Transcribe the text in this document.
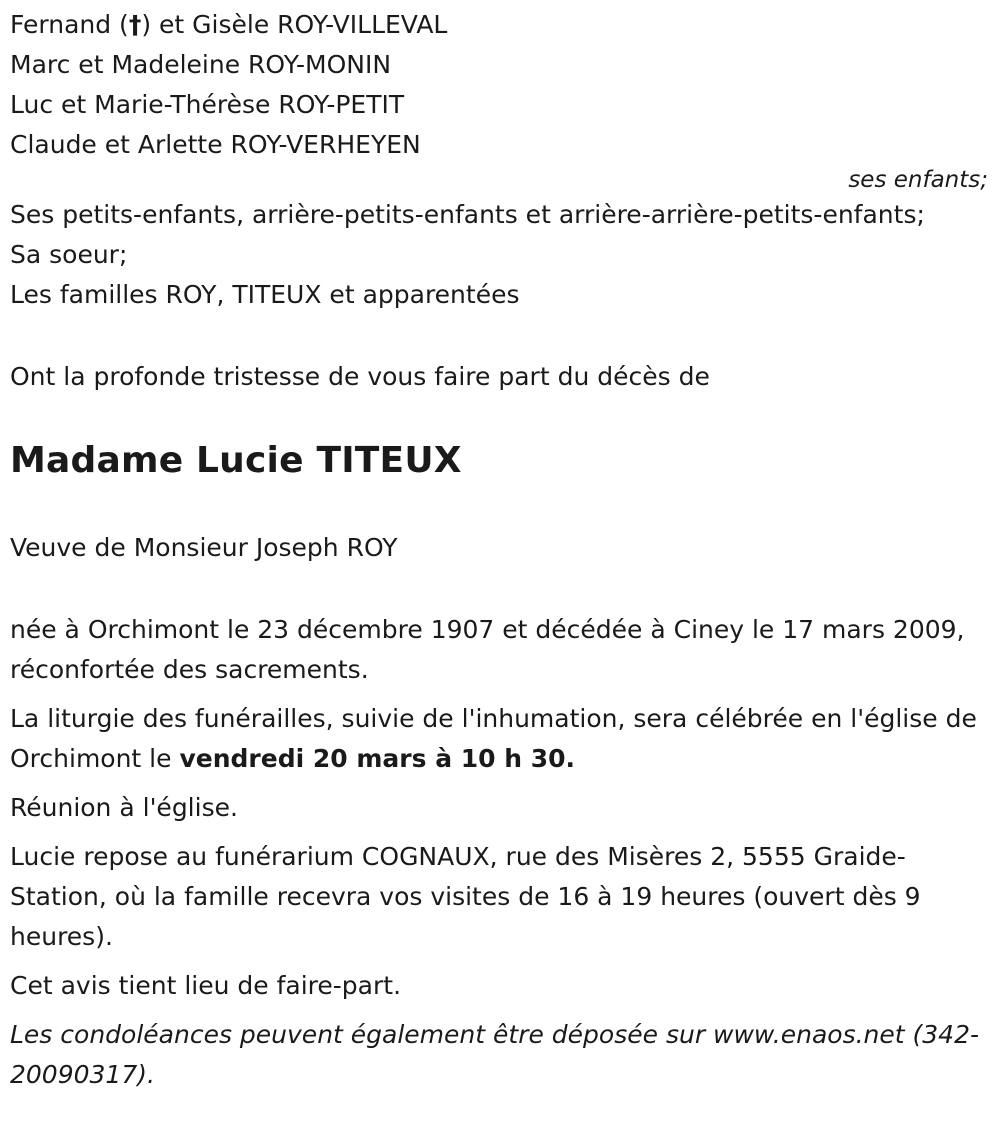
Fernand (†) et Gisèle ROY-VILLEVAL

Marc et Madeleine ROY-MONIN

Luc et Marie-Thérèse ROY-PETIT

Claude et Arlette ROY-VERHEYEN

ses enfants;

Ses petits-enfants, arrière-petits-enfants et arrière-arrière-petits-enfants;

Sa soeur;

Les familles ROY, TITEUX et apparentées

Ont la profonde tristesse de vous faire part du décès de

Madame Lucie TITEUX

Veuve de Monsieur Joseph ROY

née à Orchimont le 23 décembre 1907 et décédée à Ciney le 17 mars 2009, réconfortée des sacrements.

La liturgie des funérailles, suivie de l'inhumation, sera célébrée en l'église de Orchimont le vendredi 20 mars à 10 h 30.

Réunion à l'église.

Lucie repose au funérarium COGNAUX, rue des Misères 2, 5555 Graide-Station, où la famille recevra vos visites de 16 à 19 heures (ouvert dès 9 heures).

Cet avis tient lieu de faire-part.

Les condoléances peuvent également être déposée sur www.enaos.net (342-20090317).
